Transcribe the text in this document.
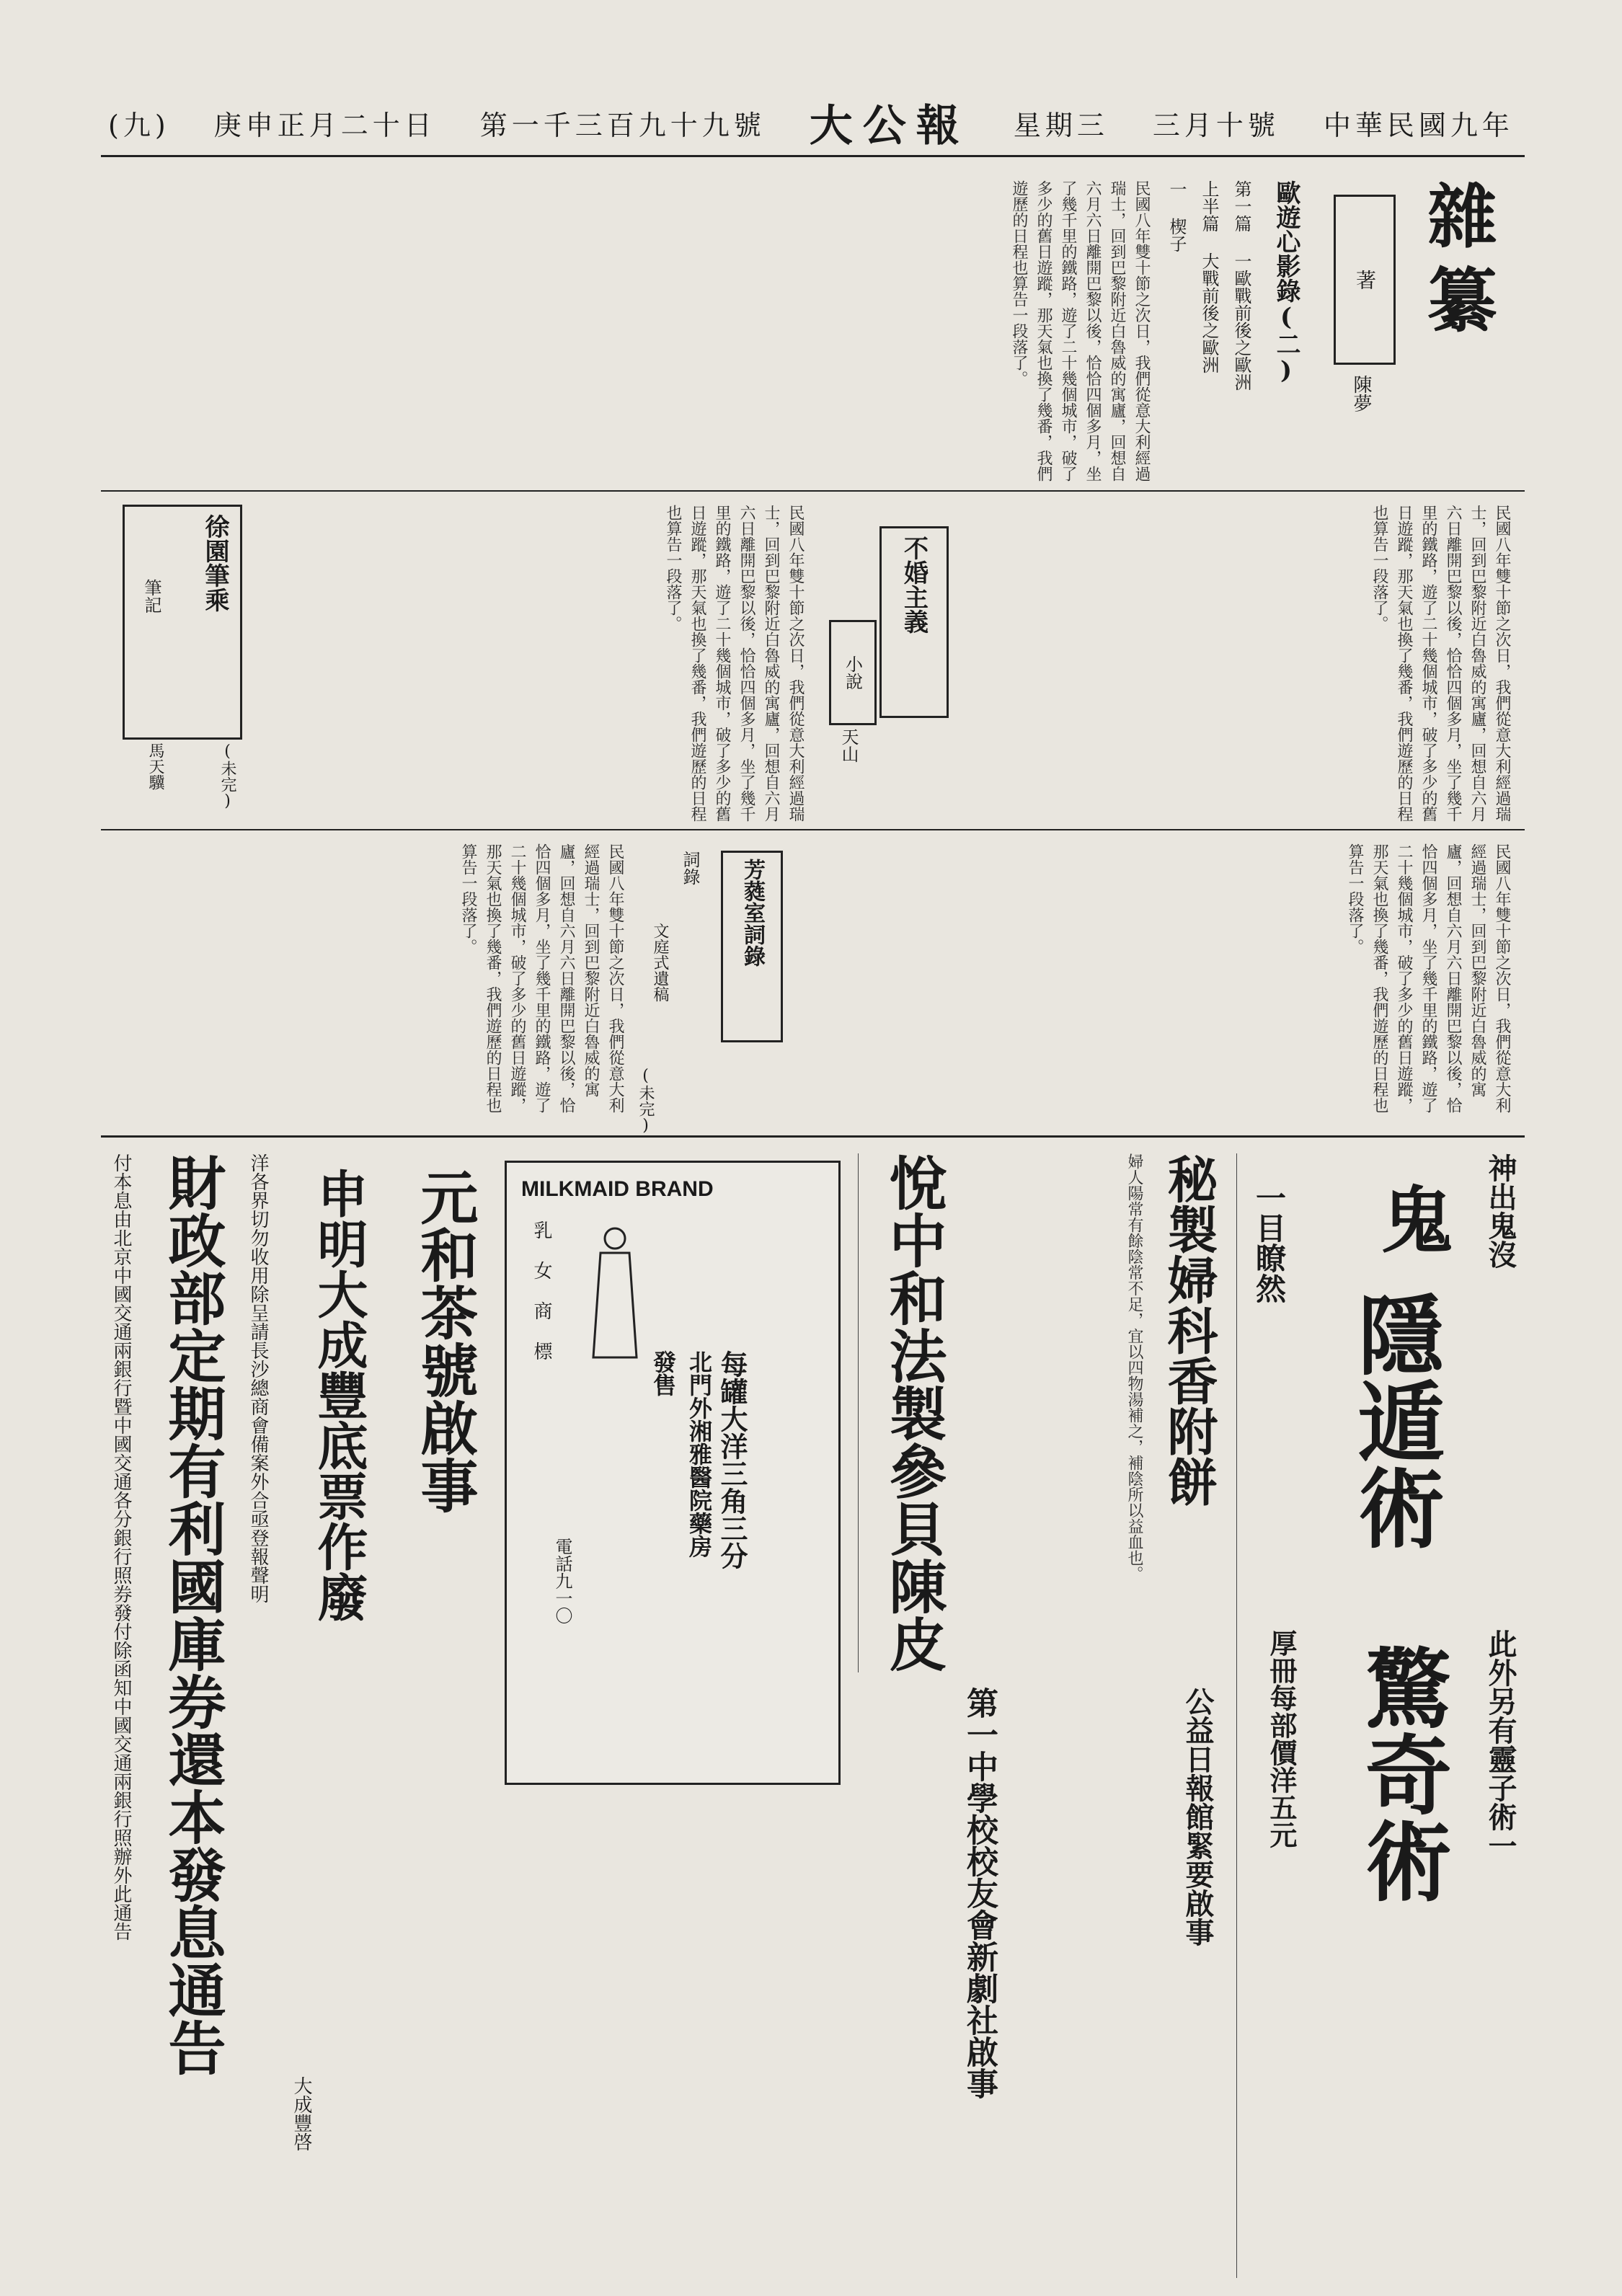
(九) 庚申正月二十日 第一千三百九十九號 大公報 星期三 三月十號 中華民國九年
雜纂
著
陳夢
歐遊心影錄(二)
第一篇 一歐戰前後之歐洲
上半篇 大戰前後之歐洲
一 楔子
民國八年雙十節之次日，我們從意大利經過瑞士，回到巴黎附近白魯威的寓廬，回想自六月六日離開巴黎以後，恰恰四個多月，坐了幾千里的鐵路，遊了二十幾個城市，破了多少的舊日遊蹤，那天氣也換了幾番，我們遊歷的日程也算告一段落了。
民國八年雙十節之次日，我們從意大利經過瑞士，回到巴黎附近白魯威的寓廬，回想自六月六日離開巴黎以後，恰恰四個多月，坐了幾千里的鐵路，遊了二十幾個城市，破了多少的舊日遊蹤，那天氣也換了幾番，我們遊歷的日程也算告一段落了。
不婚主義
小說
天山
民國八年雙十節之次日，我們從意大利經過瑞士，回到巴黎附近白魯威的寓廬，回想自六月六日離開巴黎以後，恰恰四個多月，坐了幾千里的鐵路，遊了二十幾個城市，破了多少的舊日遊蹤，那天氣也換了幾番，我們遊歷的日程也算告一段落了。
徐園筆乘
筆記
馬天驥	(未完)
民國八年雙十節之次日，我們從意大利經過瑞士，回到巴黎附近白魯威的寓廬，回想自六月六日離開巴黎以後，恰恰四個多月，坐了幾千里的鐵路，遊了二十幾個城市，破了多少的舊日遊蹤，那天氣也換了幾番，我們遊歷的日程也算告一段落了。
芳蕤室詞錄
詞錄
文庭式遺稿
民國八年雙十節之次日，我們從意大利經過瑞士，回到巴黎附近白魯威的寓廬，回想自六月六日離開巴黎以後，恰恰四個多月，坐了幾千里的鐵路，遊了二十幾個城市，破了多少的舊日遊蹤，那天氣也換了幾番，我們遊歷的日程也算告一段落了。
(未完)
神出鬼沒
鬼
隱遁術
一目瞭然
此外另有靈子術一
驚奇術
厚冊每部價洋五元
秘製婦科香附餅
婦人陽常有餘陰常不足，宜以四物湯補之，補陰所以益血也。
悅中和法製參貝陳皮
公益日報館緊要啟事
第一中學校校友會新劇社啟事
MILKMAID BRAND
乳 女 商 標
每罐大洋三角三分
北門外湘雅醫院藥房
發售
電話九一〇
元和茶號啟事
申明大成豐底票作廢
大成豐啓
洋各界切勿收用除呈請長沙總商會備案外合亟登報聲明
財政部定期有利國庫券還本發息通告
付本息由北京中國交通兩銀行暨中國交通各分銀行照券發付除函知中國交通兩銀行照辦外此通告
